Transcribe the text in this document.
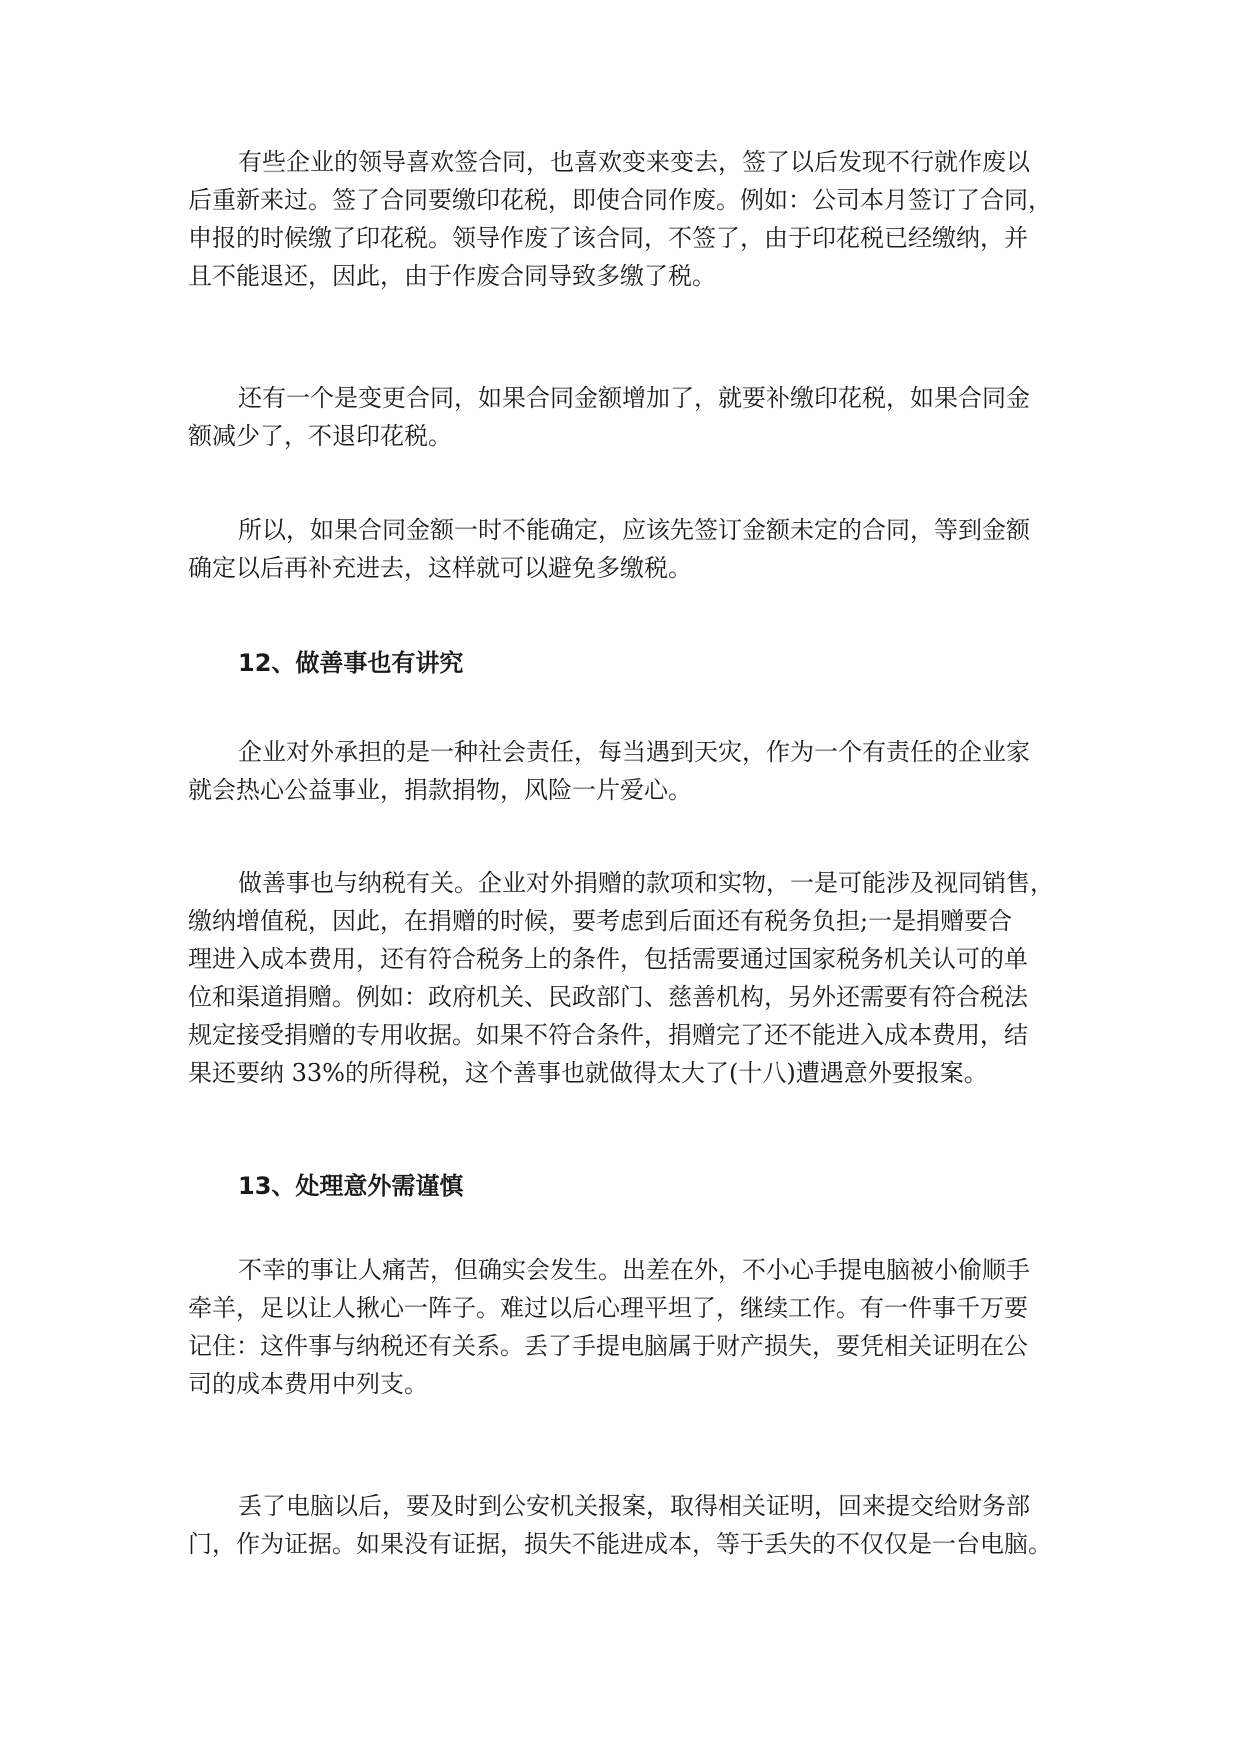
有些企业的领导喜欢签合同，也喜欢变来变去，签了以后发现不行就作废以
后重新来过。签了合同要缴印花税，即使合同作废。例如：公司本月签订了合同，
申报的时候缴了印花税。领导作废了该合同，不签了，由于印花税已经缴纳，并
且不能退还，因此，由于作废合同导致多缴了税。
还有一个是变更合同，如果合同金额增加了，就要补缴印花税，如果合同金
额减少了，不退印花税。
所以，如果合同金额一时不能确定，应该先签订金额未定的合同，等到金额
确定以后再补充进去，这样就可以避免多缴税。
12、做善事也有讲究
企业对外承担的是一种社会责任，每当遇到天灾，作为一个有责任的企业家
就会热心公益事业，捐款捐物，风险一片爱心。
做善事也与纳税有关。企业对外捐赠的款项和实物，一是可能涉及视同销售，
缴纳增值税，因此，在捐赠的时候，要考虑到后面还有税务负担;一是捐赠要合
理进入成本费用，还有符合税务上的条件，包括需要通过国家税务机关认可的单
位和渠道捐赠。例如：政府机关、民政部门、慈善机构，另外还需要有符合税法
规定接受捐赠的专用收据。如果不符合条件，捐赠完了还不能进入成本费用，结
果还要纳 33%的所得税，这个善事也就做得太大了(十八)遭遇意外要报案。
13、处理意外需谨慎
不幸的事让人痛苦，但确实会发生。出差在外，不小心手提电脑被小偷顺手
牵羊，足以让人揪心一阵子。难过以后心理平坦了，继续工作。有一件事千万要
记住：这件事与纳税还有关系。丢了手提电脑属于财产损失，要凭相关证明在公
司的成本费用中列支。
丢了电脑以后，要及时到公安机关报案，取得相关证明，回来提交给财务部
门，作为证据。如果没有证据，损失不能进成本，等于丢失的不仅仅是一台电脑。
